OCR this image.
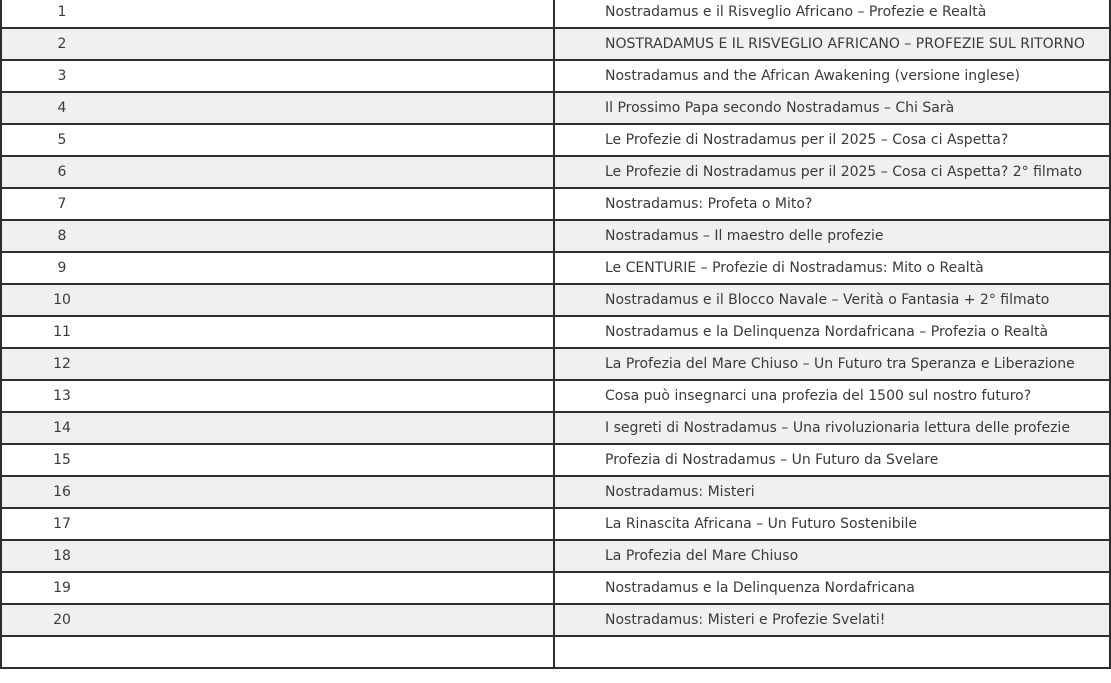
1	Nostradamus e il Risveglio Africano – Profezie e Realtà
2	NOSTRADAMUS E IL RISVEGLIO AFRICANO – PROFEZIE SUL RITORNO
3	Nostradamus and the African Awakening (versione inglese)
4	Il Prossimo Papa secondo Nostradamus – Chi Sarà
5	Le Profezie di Nostradamus per il 2025 – Cosa ci Aspetta?
6	Le Profezie di Nostradamus per il 2025 – Cosa ci Aspetta? 2° filmato
7	Nostradamus: Profeta o Mito?
8	Nostradamus – Il maestro delle profezie
9	Le CENTURIE – Profezie di Nostradamus: Mito o Realtà
10	Nostradamus e il Blocco Navale – Verità o Fantasia + 2° filmato
11	Nostradamus e la Delinquenza Nordafricana – Profezia o Realtà
12	La Profezia del Mare Chiuso – Un Futuro tra Speranza e Liberazione
13	Cosa può insegnarci una profezia del 1500 sul nostro futuro?
14	I segreti di Nostradamus – Una rivoluzionaria lettura delle profezie
15	Profezia di Nostradamus – Un Futuro da Svelare
16	Nostradamus: Misteri
17	La Rinascita Africana – Un Futuro Sostenibile
18	La Profezia del Mare Chiuso
19	Nostradamus e la Delinquenza Nordafricana
20	Nostradamus: Misteri e Profezie Svelati!
